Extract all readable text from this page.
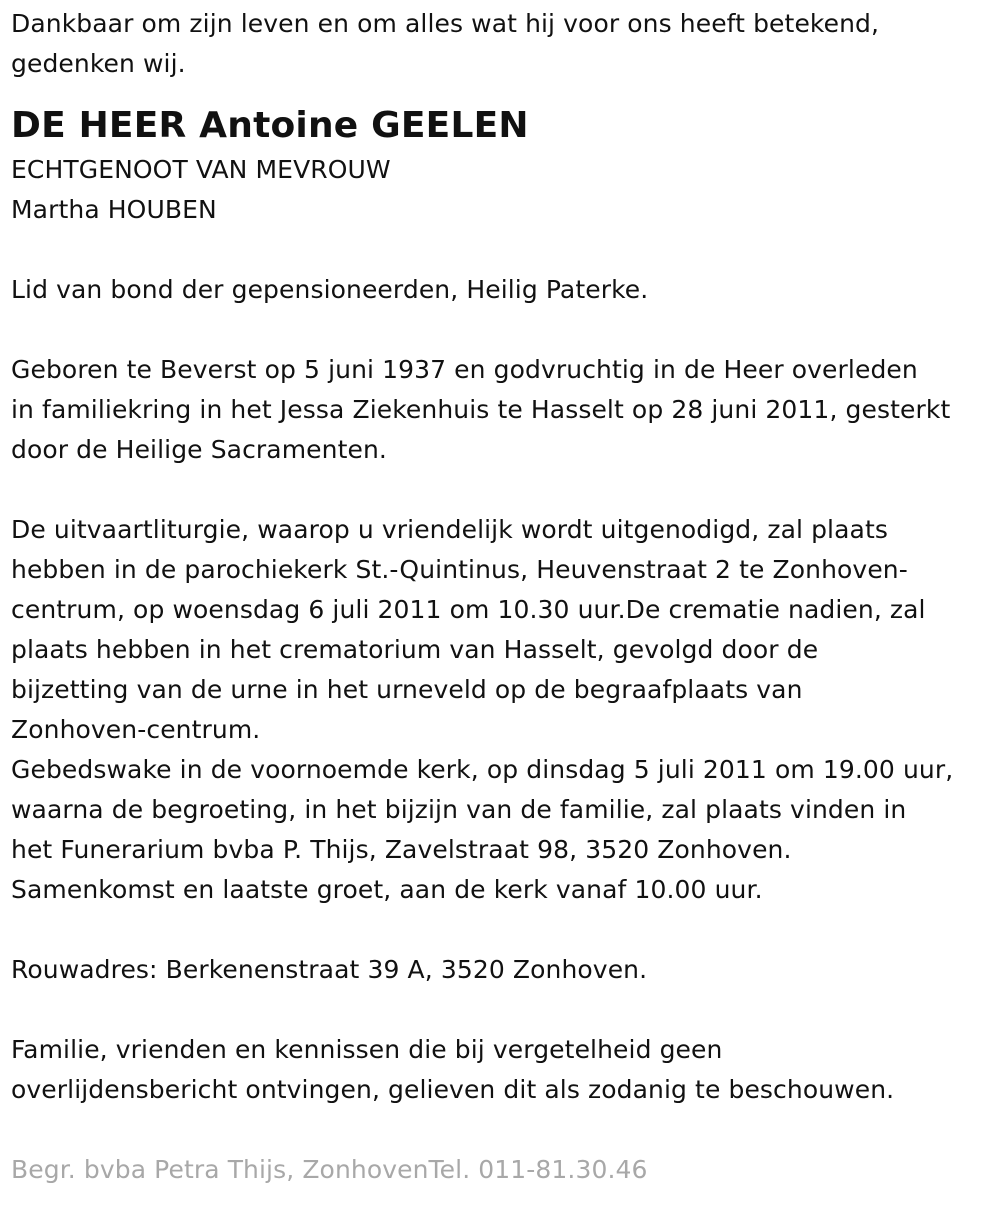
Dankbaar om zijn leven en om alles wat hij voor ons heeft betekend,
gedenken wij.

DE HEER Antoine GEELEN

ECHTGENOOT VAN MEVROUW
Martha HOUBEN

Lid van bond der gepensioneerden, Heilig Paterke.

Geboren te Beverst op 5 juni 1937 en godvruchtig in de Heer overleden
in familiekring in het Jessa Ziekenhuis te Hasselt op 28 juni 2011, gesterkt
door de Heilige Sacramenten.

De uitvaartliturgie, waarop u vriendelijk wordt uitgenodigd, zal plaats
hebben in de parochiekerk St.-Quintinus, Heuvenstraat 2 te Zonhoven-
centrum, op woensdag 6 juli 2011 om 10.30 uur.De crematie nadien, zal
plaats hebben in het crematorium van Hasselt, gevolgd door de
bijzetting van de urne in het urneveld op de begraafplaats van
Zonhoven-centrum.
Gebedswake in de voornoemde kerk, op dinsdag 5 juli 2011 om 19.00 uur,
waarna de begroeting, in het bijzijn van de familie, zal plaats vinden in
het Funerarium bvba P. Thijs, Zavelstraat 98, 3520 Zonhoven.
Samenkomst en laatste groet, aan de kerk vanaf 10.00 uur.

Rouwadres: Berkenenstraat 39 A, 3520 Zonhoven.

Familie, vrienden en kennissen die bij vergetelheid geen
overlijdensbericht ontvingen, gelieven dit als zodanig te beschouwen.

Begr. bvba Petra Thijs, ZonhovenTel. 011-81.30.46
